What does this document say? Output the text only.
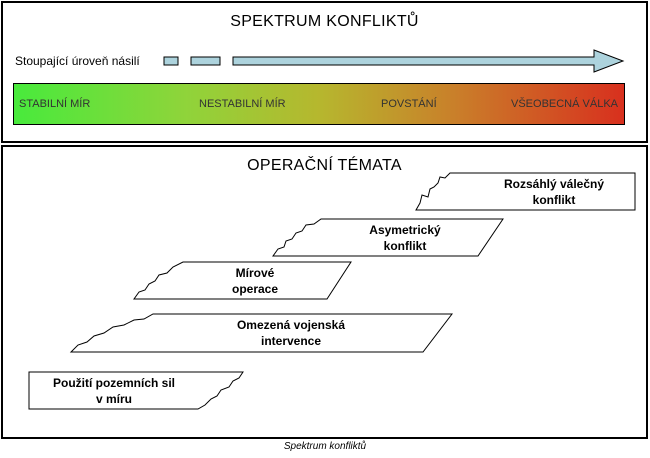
SPEKTRUM KONFLIKTŮ
Stoupající úroveň násilí
STABILNÍ MÍR	NESTABILNÍ MÍR	POVSTÁNÍ	VŠEOBECNÁ VÁLKA
OPERAČNÍ TÉMATA
Rozsáhlý válečný
konflikt
Asymetrický
konflikt
Mírové
operace
Omezená vojenská
intervence
Použití pozemních sil
v míru
Spektrum konfliktů
